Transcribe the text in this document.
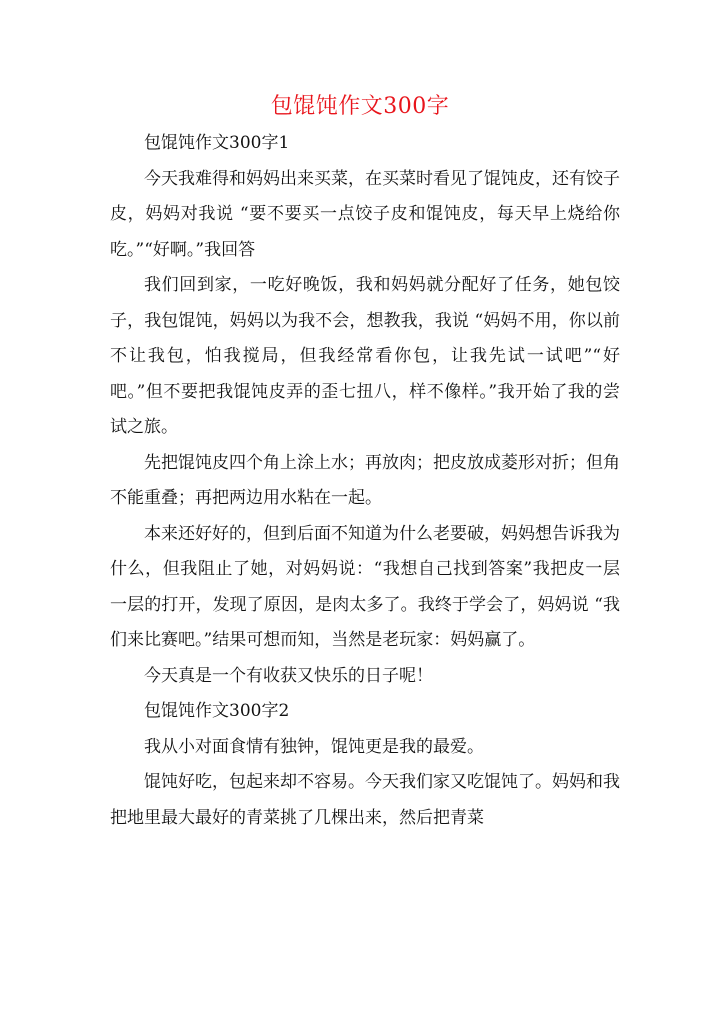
包馄饨作文300字

包馄饨作文300字1

今天我难得和妈妈出来买菜，在买菜时看见了馄饨皮，还有饺子皮，妈妈对我说 “要不要买一点饺子皮和馄饨皮，每天早上烧给你吃。”“好啊。”我回答

我们回到家，一吃好晚饭，我和妈妈就分配好了任务，她包饺子，我包馄饨，妈妈以为我不会，想教我，我说 “妈妈不用，你以前不让我包，怕我搅局，但我经常看你包，让我先试一试吧”“好吧。”但不要把我馄饨皮弄的歪七扭八，样不像样。”我开始了我的尝试之旅。

先把馄饨皮四个角上涂上水；再放肉；把皮放成菱形对折；但角不能重叠；再把两边用水粘在一起。

本来还好好的，但到后面不知道为什么老要破，妈妈想告诉我为什么，但我阻止了她，对妈妈说：“我想自己找到答案”我把皮一层一层的打开，发现了原因，是肉太多了。我终于学会了，妈妈说 “我们来比赛吧。”结果可想而知，当然是老玩家：妈妈赢了。

今天真是一个有收获又快乐的日子呢！

包馄饨作文300字2

我从小对面食情有独钟，馄饨更是我的最爱。

馄饨好吃，包起来却不容易。今天我们家又吃馄饨了。妈妈和我把地里最大最好的青菜挑了几棵出来，然后把青菜
